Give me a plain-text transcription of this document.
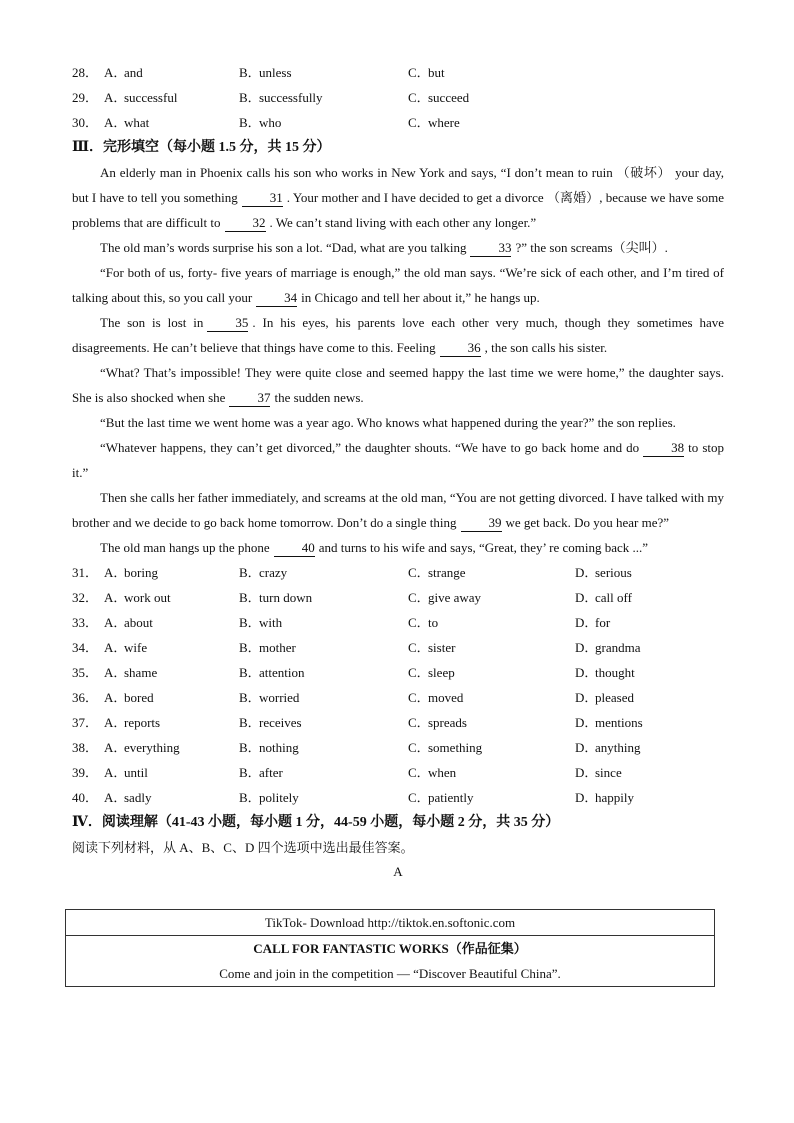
28． A．and	B．unless	C．but
29． A．successful	B．successfully	C．succeed
30． A．what	B．who	C．where
Ⅲ．完形填空（每小题 1.5 分，共 15 分）

An elderly man in Phoenix calls his son who works in New York and says, “I don’t mean to ruin （破坏） your day, but I have to tell you something 31 . Your mother and I have decided to get a divorce （离婚）, because we have some problems that are difficult to 32 . We can’t stand living with each other any longer.”

The old man’s words surprise his son a lot. “Dad, what are you talking 33 ?” the son screams（尖叫）.

“For both of us, forty- five years of marriage is enough,” the old man says. “We’re sick of each other, and I’m tired of talking about this, so you call your 34 in Chicago and tell her about it,” he hangs up.

The son is lost in 35 . In his eyes, his parents love each other very much, though they sometimes have disagreements. He can’t believe that things have come to this. Feeling 36 , the son calls his sister.

“What? That’s impossible! They were quite close and seemed happy the last time we were home,” the daughter says. She is also shocked when she 37 the sudden news.

“But the last time we went home was a year ago. Who knows what happened during the year?” the son replies.

“Whatever happens, they can’t get divorced,” the daughter shouts. “We have to go back home and do 38 to stop it.”

Then she calls her father immediately, and screams at the old man, “You are not getting divorced. I have talked with my brother and we decide to go back home tomorrow. Don’t do a single thing 39 we get back. Do you hear me?”

The old man hangs up the phone 40 and turns to his wife and says, “Great, they’ re coming back ...”

31． A．boring	B．crazy	C．strange	D．serious
32． A．work out	B．turn down	C．give away	D．call off
33． A．about	B．with	C．to	D．for
34． A．wife	B．mother	C．sister	D．grandma
35． A．shame	B．attention	C．sleep	D．thought
36． A．bored	B．worried	C．moved	D．pleased
37． A．reports	B．receives	C．spreads	D．mentions
38． A．everything	B．nothing	C．something	D．anything
39． A．until	B．after	C．when	D．since
40． A．sadly	B．politely	C．patiently	D．happily
Ⅳ．阅读理解（41-43 小题，每小题 1 分，44-59 小题，每小题 2 分，共 35 分）
阅读下列材料，从 A、B、C、D 四个选项中选出最佳答案。
A
TikTok- Download http://tiktok.en.softonic.com
CALL FOR FANTASTIC WORKS（作品征集）
Come and join in the competition — “Discover Beautiful China”.
